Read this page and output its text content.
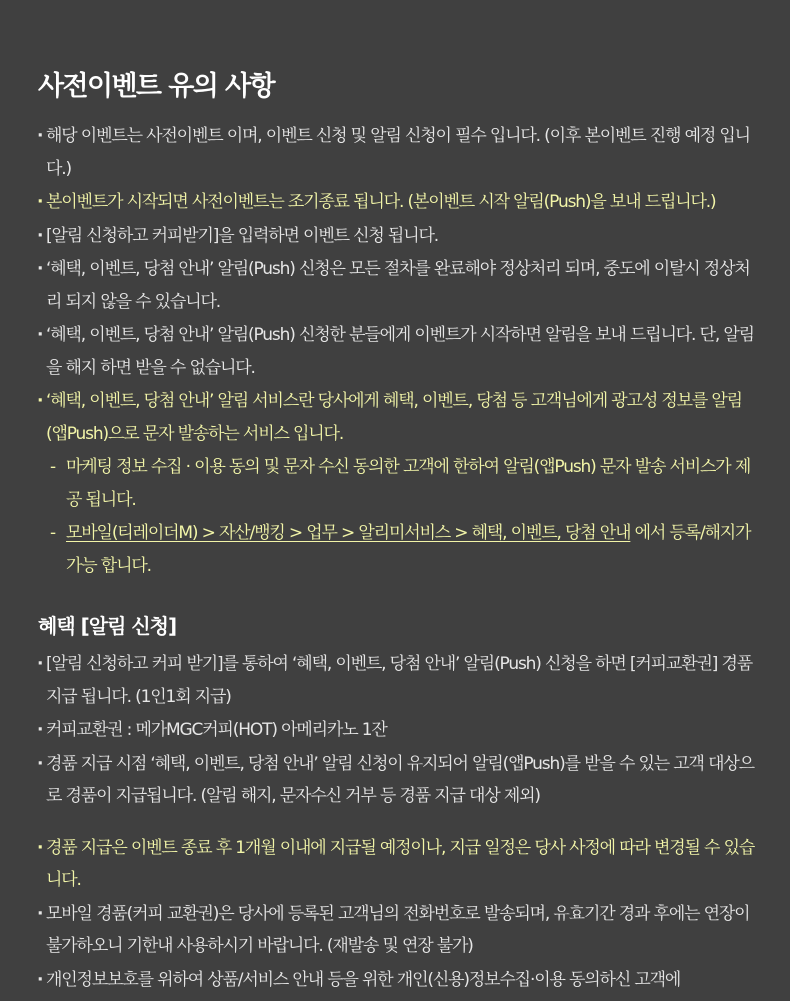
사전이벤트 유의 사항
· 해당 이벤트는 사전이벤트 이며, 이벤트 신청 및 알림 신청이 필수 입니다. (이후 본이벤트 진행 예정 입니다.)
· 본이벤트가 시작되면 사전이벤트는 조기종료 됩니다. (본이벤트 시작 알림(Push)을 보내 드립니다.)
· [알림 신청하고 커피받기]을 입력하면 이벤트 신청 됩니다.
· ‘혜택, 이벤트, 당첨 안내’ 알림(Push) 신청은 모든 절차를 완료해야 정상처리 되며, 중도에 이탈시 정상처리 되지 않을 수 있습니다.
· ‘혜택, 이벤트, 당첨 안내’ 알림(Push) 신청한 분들에게 이벤트가 시작하면 알림을 보내 드립니다. 단, 알림을 해지 하면 받을 수 없습니다.
· ‘혜택, 이벤트, 당첨 안내’ 알림 서비스란 당사에게 혜택, 이벤트, 당첨 등 고객님에게 광고성 정보를 알림(앱Push)으로 문자 발송하는 서비스 입니다.
- 마케팅 정보 수집 · 이용 동의 및 문자 수신 동의한 고객에 한하여 알림(앱Push) 문자 발송 서비스가 제공 됩니다.
- 모바일(티레이더M) > 자산/뱅킹 > 업무 > 알리미서비스 > 혜택, 이벤트, 당첨 안내 에서 등록/해지가 가능 합니다.
혜택 [알림 신청]
· [알림 신청하고 커피 받기]를 통하여 ‘혜택, 이벤트, 당첨 안내’ 알림(Push) 신청을 하면 [커피교환권] 경품 지급 됩니다. (1인1회 지급)
· 커피교환권 : 메가MGC커피(HOT) 아메리카노 1잔
· 경품 지급 시점 ‘혜택, 이벤트, 당첨 안내’ 알림 신청이 유지되어 알림(앱Push)를 받을 수 있는 고객 대상으로 경품이 지급됩니다. (알림 해지, 문자수신 거부 등 경품 지급 대상 제외)
· 경품 지급은 이벤트 종료 후 1개월 이내에 지급될 예정이나, 지급 일정은 당사 사정에 따라 변경될 수 있습니다.
· 모바일 경품(커피 교환권)은 당사에 등록된 고객님의 전화번호로 발송되며, 유효기간 경과 후에는 연장이 불가하오니 기한내 사용하시기 바랍니다. (재발송 및 연장 불가)
· 개인정보보호를 위하여 상품/서비스 안내 등을 위한 개인(신용)정보수집·이용 동의하신 고객에
